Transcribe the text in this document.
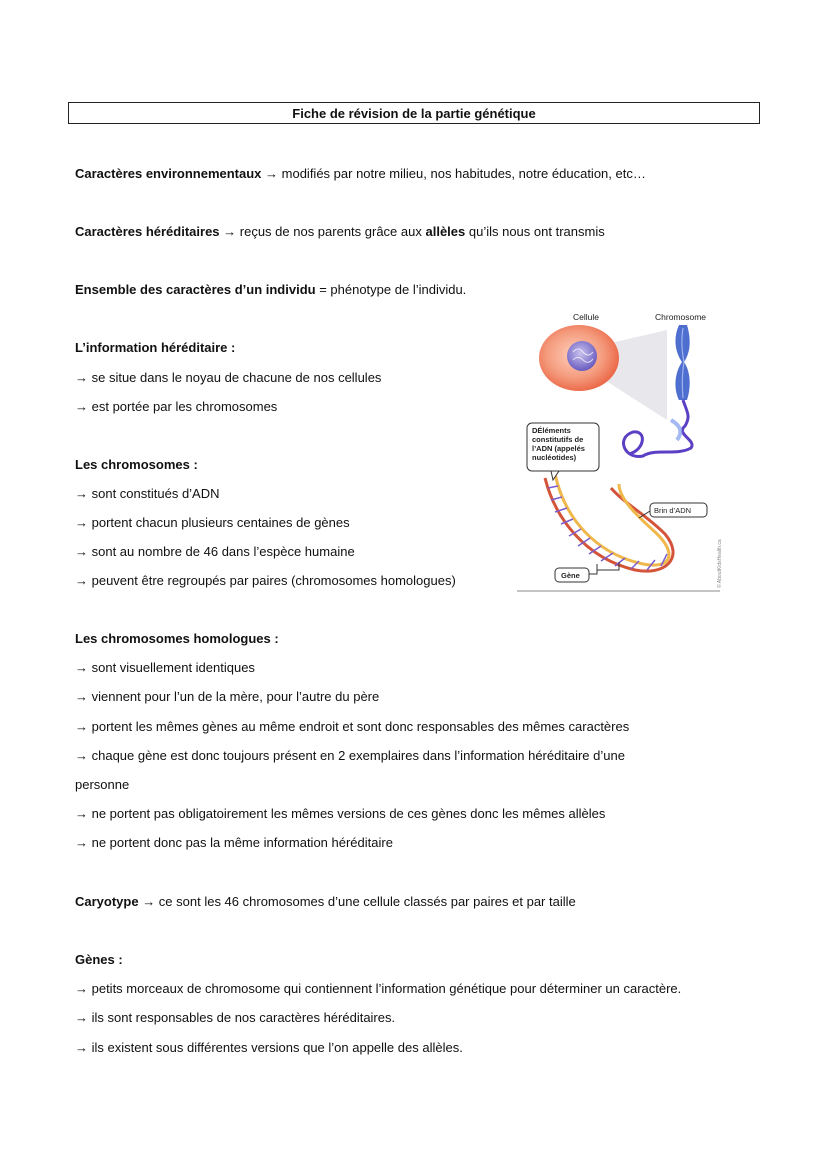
Fiche de révision de la partie génétique
Caractères environnementaux → modifiés par notre milieu, nos habitudes, notre éducation, etc…
Caractères héréditaires → reçus de nos parents grâce aux allèles qu’ils nous ont transmis
Ensemble des caractères d’un individu = phénotype de l’individu.
L’information héréditaire :
→ se situe dans le noyau de chacune de nos cellules
→ est portée par les chromosomes
Les chromosomes :
→ sont constitués d’ADN
→ portent chacun plusieurs centaines de gènes
→ sont au nombre de 46 dans l’espèce humaine
→ peuvent être regroupés par paires (chromosomes homologues)
Les chromosomes homologues :
→ sont visuellement identiques
→ viennent pour l’un de la mère, pour l’autre du père
→ portent les mêmes gènes au même endroit et sont donc responsables des mêmes caractères
→ chaque gène est donc toujours présent en 2 exemplaires dans l’information héréditaire d’une
personne
→ ne portent pas obligatoirement les mêmes versions de ces gènes donc les mêmes allèles
→ ne portent donc pas la même information héréditaire
Caryotype → ce sont les 46 chromosomes d’une cellule classés par paires et par taille
Gènes :
→ petits morceaux de chromosome qui contiennent l’information génétique pour déterminer un caractère.
→ ils sont responsables de nos caractères héréditaires.
→ ils existent sous différentes versions que l’on appelle des allèles.
Cellule	Chromosome
DÉléments constitutifs de l’ADN (appelés nucléotides)
Brin d’ADN
Gène	© AboutKidsHealth.ca
